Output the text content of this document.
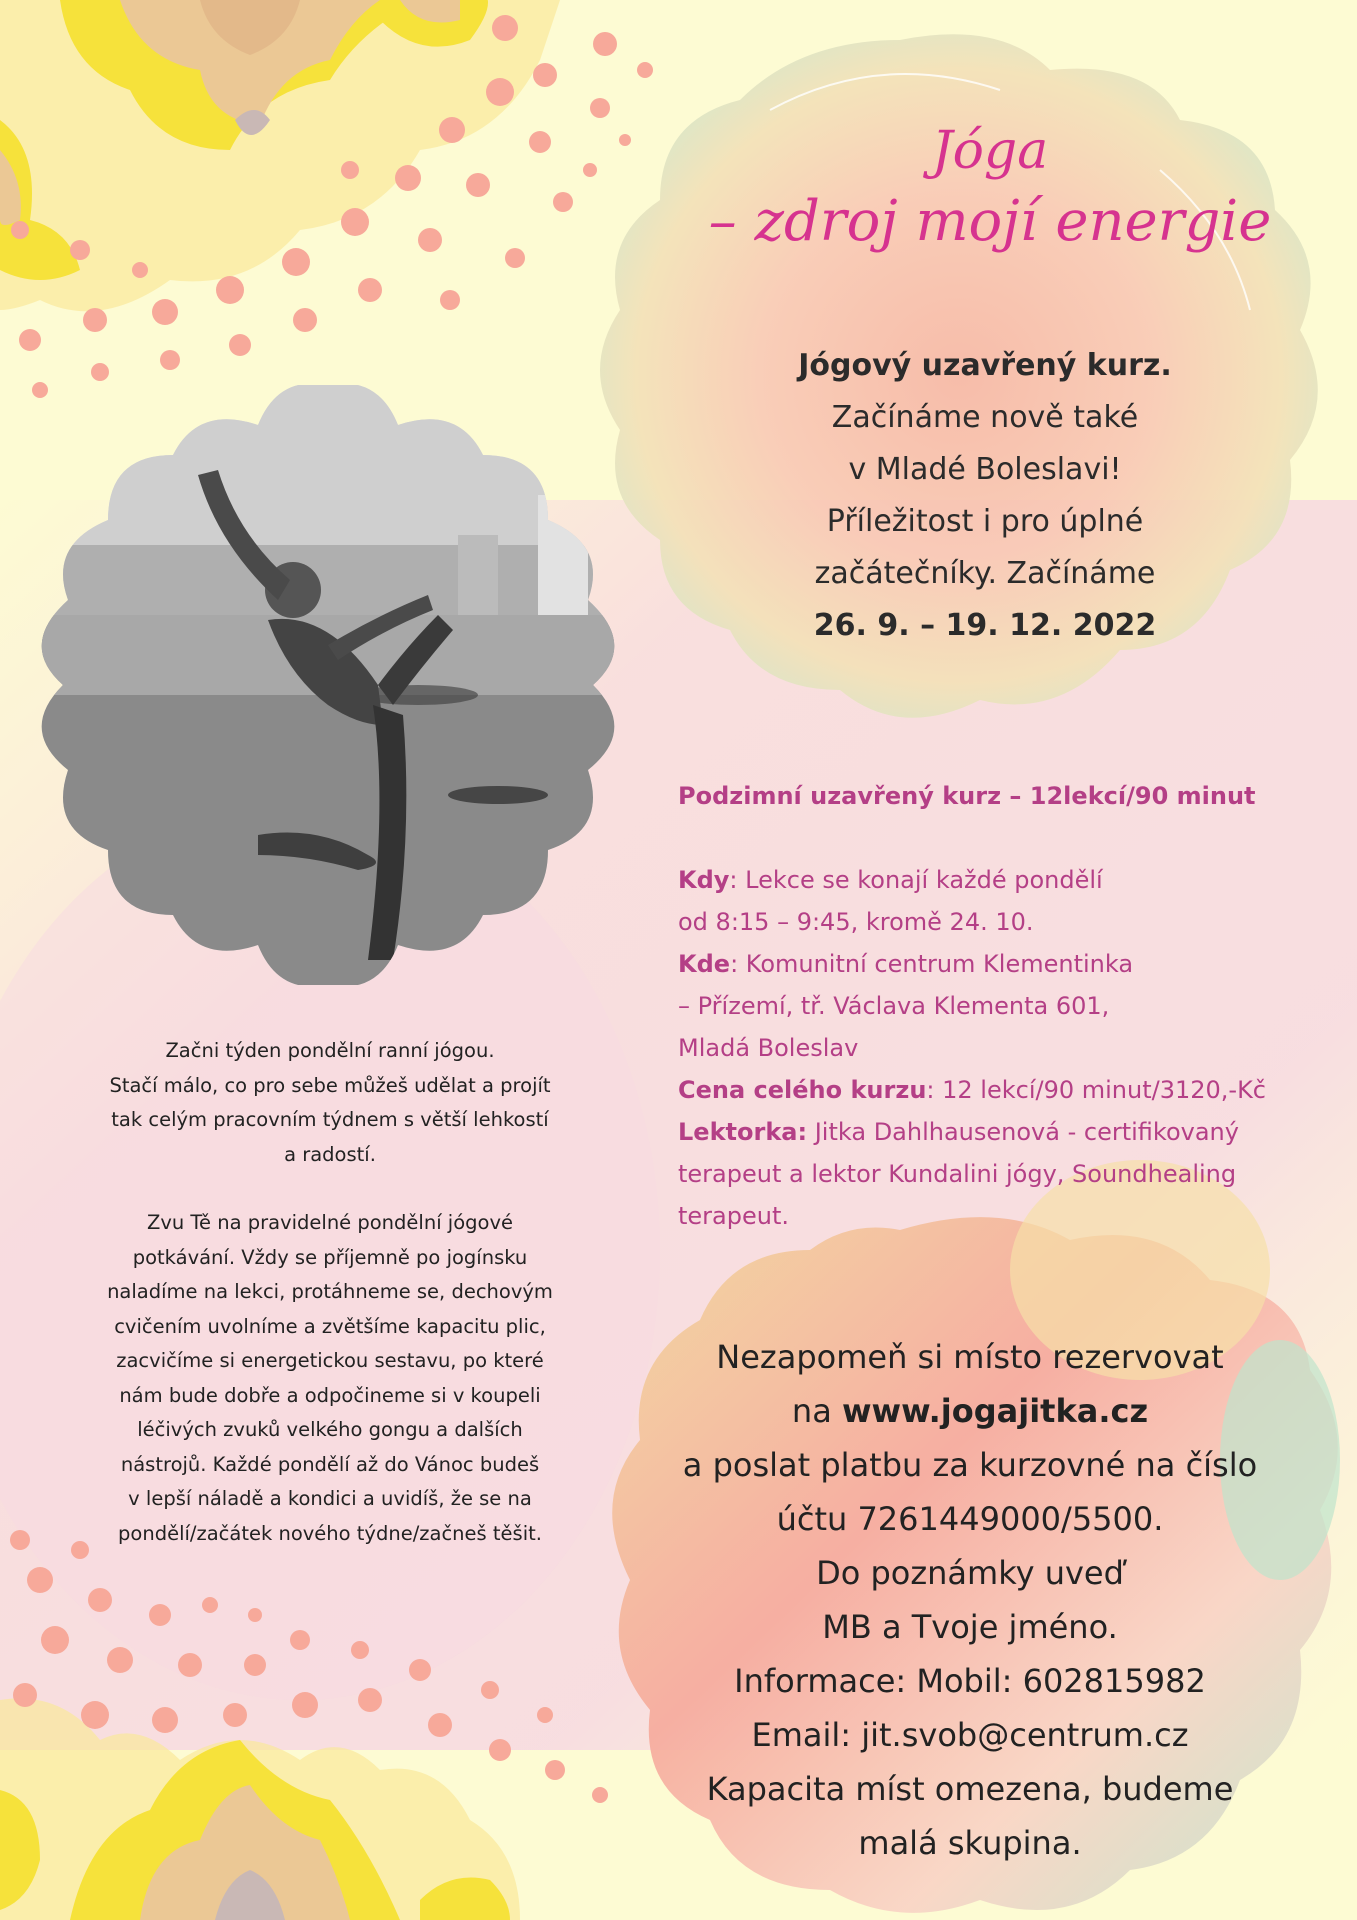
Jóga
– zdroj mojí energie
Jógový uzavřený kurz.
Začínáme nově také
v Mladé Boleslavi!
Příležitost i pro úplné
začátečníky. Začínáme
26. 9. – 19. 12. 2022
Podzimní uzavřený kurz – 12lekcí/90 minut
Kdy: Lekce se konají každé pondělí
od 8:15 – 9:45, kromě 24. 10.
Kde: Komunitní centrum Klementinka
– Přízemí, tř. Václava Klementa 601,
Mladá Boleslav
Cena celého kurzu: 12 lekcí/90 minut/3120,-Kč
Lektorka: Jitka Dahlhausenová - certifikovaný
terapeut a lektor Kundalini jógy, Soundhealing
terapeut.

Začni týden pondělní ranní jógou.

Stačí málo, co pro sebe můžeš udělat a projít

tak celým pracovním týdnem s větší lehkostí

a radostí.

Zvu Tě na pravidelné pondělní jógové

potkávání. Vždy se příjemně po jogínsku

naladíme na lekci, protáhneme se, dechovým

cvičením uvolníme a zvětšíme kapacitu plic,

zacvičíme si energetickou sestavu, po které

nám bude dobře a odpočineme si v koupeli

léčivých zvuků velkého gongu a dalších

nástrojů. Každé pondělí až do Vánoc budeš

v lepší náladě a kondici a uvidíš, že se na

pondělí/začátek nového týdne/začneš těšit.

Nezapomeň si místo rezervovat
na www.jogajitka.cz
a poslat platbu za kurzovné na číslo
účtu 7261449000/5500.
Do poznámky uveď
MB a Tvoje jméno.
Informace: Mobil: 602815982
Email: jit.svob@centrum.cz
Kapacita míst omezena, budeme
malá skupina.
